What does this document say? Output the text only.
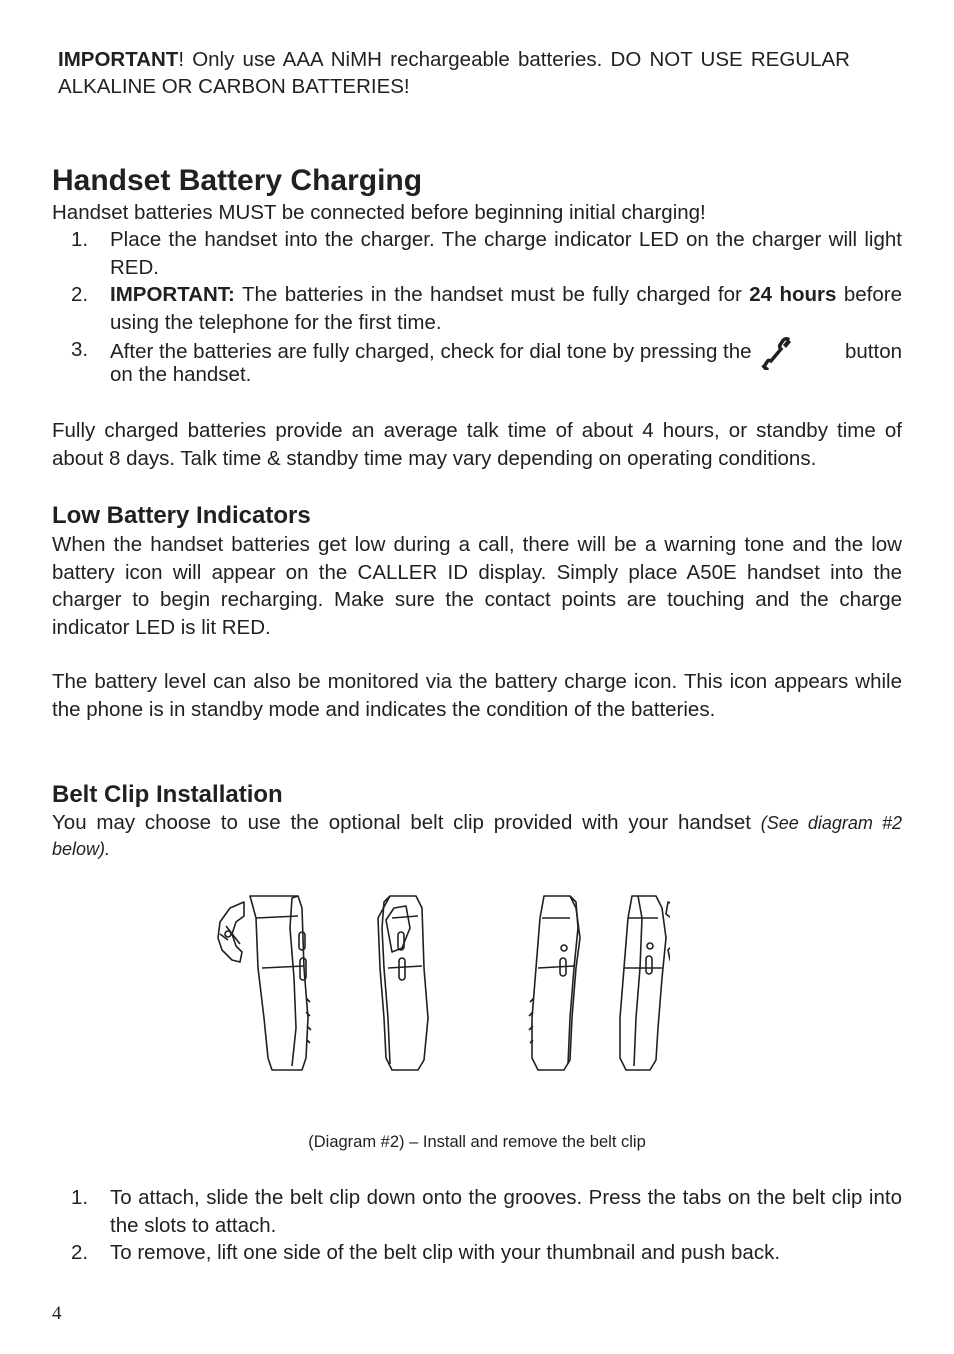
IMPORTANT! Only use AAA NiMH rechargeable batteries. DO NOT USE REGULAR ALKALINE OR CARBON BATTERIES!

Handset Battery Charging

Handset batteries MUST be connected before beginning initial charging!

1. Place the handset into the charger. The charge indicator LED on the charger will light RED.
2. IMPORTANT: The batteries in the handset must be fully charged for 24 hours before using the telephone for the first time.
3. After the batteries are fully charged, check for dial tone by pressing the	button

on the handset.

Fully charged batteries provide an average talk time of about 4 hours, or standby time of about 8 days. Talk time & standby time may vary depending on operating conditions.

Low Battery Indicators

When the handset batteries get low during a call, there will be a warning tone and the low battery icon will appear on the CALLER ID display. Simply place A50E handset into the charger to begin recharging. Make sure the contact points are touching and the charge indicator LED is lit RED.

The battery level can also be monitored via the battery charge icon. This icon appears while the phone is in standby mode and indicates the condition of the batteries.

Belt Clip Installation

You may choose to use the optional belt clip provided with your handset (See diagram #2 below).

(Diagram #2) – Install and remove the belt clip

1. To attach, slide the belt clip down onto the grooves. Press the tabs on the belt clip into the slots to attach.
2. To remove, lift one side of the belt clip with your thumbnail and push back.
4
